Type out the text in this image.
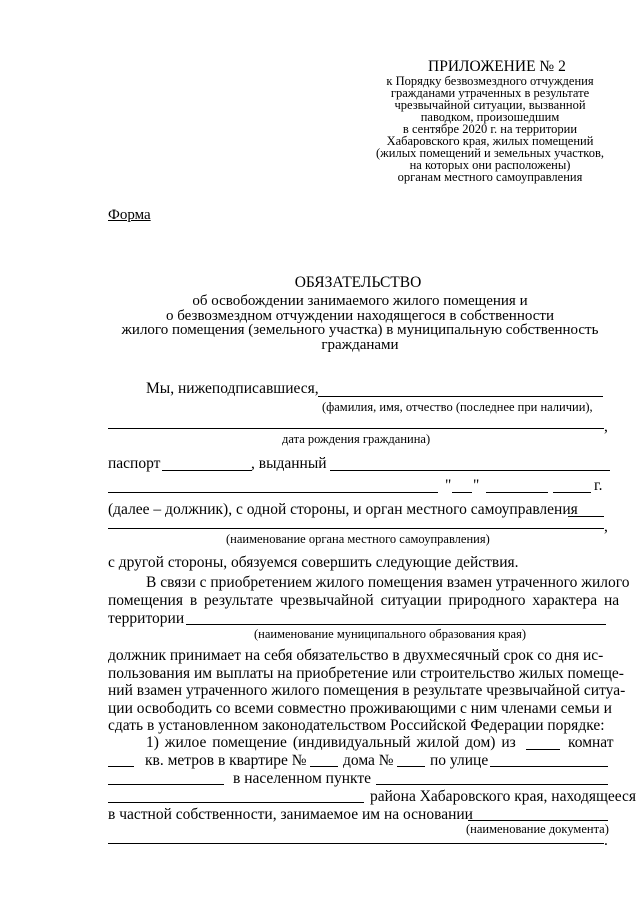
ПРИЛОЖЕНИЕ № 2
к Порядку безвозмездного отчуждения
гражданами утраченных в результате
чрезвычайной ситуации, вызванной
паводком, произошедшим
в сентябре 2020 г. на территории
Хабаровского края, жилых помещений
(жилых помещений и земельных участков,
на которых они расположены)
органам местного самоуправления
Форма
ОБЯЗАТЕЛЬСТВО
об освобождении занимаемого жилого помещения и
о безвозмездном отчуждении находящегося в собственности
жилого помещения (земельного участка) в муниципальную собственность
гражданами
Мы, нижеподписавшиеся,
(фамилия, имя, отчество (последнее при наличии),
,
дата рождения гражданина)
паспорт	, выданный
" "	г.
(далее – должник), с одной стороны, и орган местного самоуправления
,
(наименование органа местного самоуправления)
с другой стороны, обязуемся совершить следующие действия.
В связи с приобретением жилого помещения взамен утраченного жилого
помещения в результате чрезвычайной ситуации природного характера на
территории
(наименование муниципального образования края)
должник принимает на себя обязательство в двухмесячный срок со дня ис-
пользования им выплаты на приобретение или строительство жилых помеще-
ний взамен утраченного жилого помещения в результате чрезвычайной ситуа-
ции освободить со всеми совместно проживающими с ним членами семьи и
сдать в установленном законодательством Российской Федерации порядке:
1) жилое помещение (индивидуальный жилой дом) из	комнат
кв. метров в квартире № дома № по улице
в населенном пункте
района Хабаровского края, находящееся
в частной собственности, занимаемое им на основании
(наименование документа)
.
